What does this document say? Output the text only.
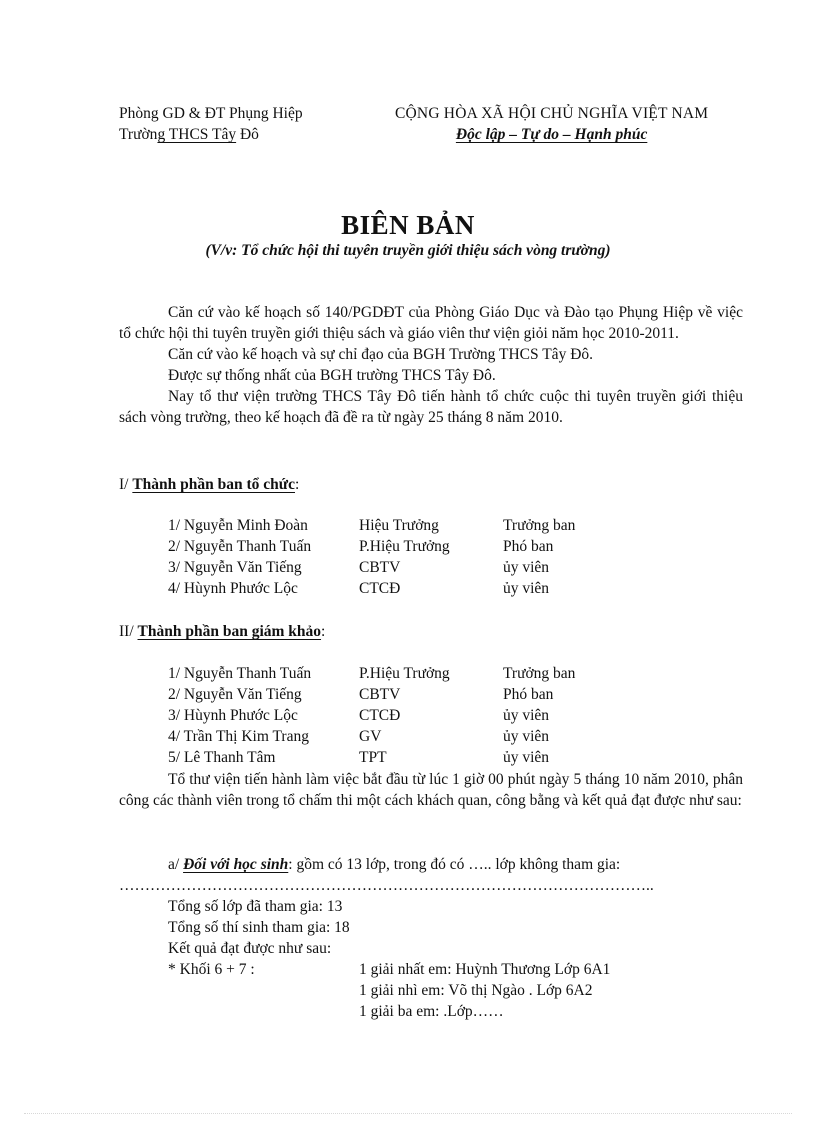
Phòng GD & ĐT Phụng Hiệp
Trường THCS Tây Đô
CỘNG HÒA XÃ HỘI CHỦ NGHĨA VIỆT NAM
Độc lập – Tự do – Hạnh phúc
BIÊN BẢN
(V/v: Tổ chức hội thi tuyên truyền giới thiệu sách vòng trường)

Căn cứ vào kế hoạch số 140/PGDĐT của Phòng Giáo Dục và Đào tạo Phụng Hiệp về việc tổ chức hội thi tuyên truyền giới thiệu sách và giáo viên thư viện giỏi năm học 2010-2011.

Căn cứ vào kế hoạch và sự chỉ đạo của BGH Trường THCS Tây Đô.

Được sự thống nhất của BGH trường THCS Tây Đô.

Nay tổ thư viện trường THCS Tây Đô tiến hành tổ chức cuộc thi tuyên truyền giới thiệu sách vòng trường, theo kế hoạch đã đề ra từ ngày 25 tháng 8 năm 2010.

I/ Thành phần ban tổ chức:
1/ Nguyễn Minh Đoàn	Hiệu Trưởng	Trưởng ban
2/ Nguyễn Thanh Tuấn	P.Hiệu Trưởng	Phó ban
3/ Nguyễn Văn Tiếng	CBTV	ủy viên
4/ Hùynh Phước Lộc	CTCĐ	ủy viên
II/ Thành phần ban giám khảo:
1/ Nguyễn Thanh Tuấn	P.Hiệu Trưởng	Trưởng ban
2/ Nguyễn Văn Tiếng	CBTV	Phó ban
3/ Hùynh Phước Lộc	CTCĐ	ủy viên
4/ Trần Thị Kim Trang	GV	ủy viên
5/ Lê Thanh Tâm	TPT	ủy viên

Tổ thư viện tiến hành làm việc bắt đầu từ lúc 1 giờ 00 phút ngày 5 tháng 10 năm 2010, phân công các thành viên trong tổ chấm thi một cách khách quan, công bằng và kết quả đạt được như sau:

a/ Đối với học sinh: gồm có 13 lớp, trong đó có ….. lớp không tham gia:

…………………………………………………………………………………………..
Tổng số lớp đã tham gia: 13
Tổng số thí sinh tham gia: 18
Kết quả đạt được như sau:
* Khối 6 + 7 :	1 giải nhất em: Huỳnh Thương Lớp 6A1
1 giải nhì em: Võ thị Ngào . Lớp 6A2
1 giải ba em: .Lớp……
